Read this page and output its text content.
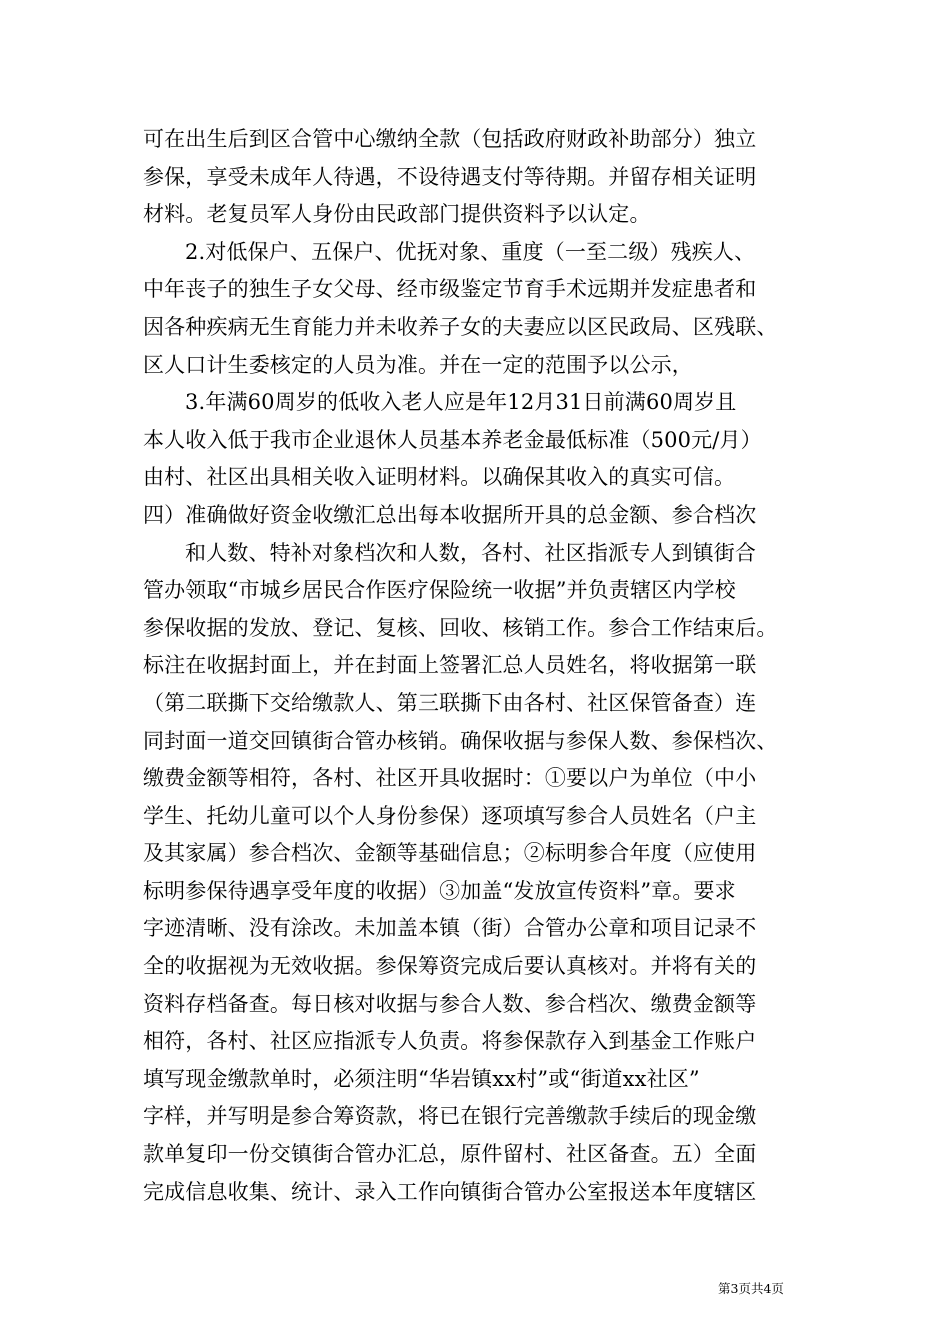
可在出生后到区合管中心缴纳全款（包括政府财政补助部分）独立
参保，享受未成年人待遇，不设待遇支付等待期。并留存相关证明
材料。老复员军人身份由民政部门提供资料予以认定。
2.对低保户、五保户、优抚对象、重度（一至二级）残疾人、
中年丧子的独生子女父母、经市级鉴定节育手术远期并发症患者和
因各种疾病无生育能力并未收养子女的夫妻应以区民政局、区残联、
区人口计生委核定的人员为准。并在一定的范围予以公示，
3.年满60周岁的低收入老人应是年12月31日前满60周岁且
本人收入低于我市企业退休人员基本养老金最低标准（500元/月）
由村、社区出具相关收入证明材料。以确保其收入的真实可信。
四）准确做好资金收缴汇总出每本收据所开具的总金额、参合档次
和人数、特补对象档次和人数，各村、社区指派专人到镇街合
管办领取“市城乡居民合作医疗保险统一收据”并负责辖区内学校
参保收据的发放、登记、复核、回收、核销工作。参合工作结束后。
标注在收据封面上，并在封面上签署汇总人员姓名，将收据第一联
（第二联撕下交给缴款人、第三联撕下由各村、社区保管备查）连
同封面一道交回镇街合管办核销。确保收据与参保人数、参保档次、
缴费金额等相符，各村、社区开具收据时：①要以户为单位（中小
学生、托幼儿童可以个人身份参保）逐项填写参合人员姓名（户主
及其家属）参合档次、金额等基础信息；②标明参合年度（应使用
标明参保待遇享受年度的收据）③加盖“发放宣传资料”章。要求
字迹清晰、没有涂改。未加盖本镇（街）合管办公章和项目记录不
全的收据视为无效收据。参保筹资完成后要认真核对。并将有关的
资料存档备查。每日核对收据与参合人数、参合档次、缴费金额等
相符，各村、社区应指派专人负责。将参保款存入到基金工作账户
填写现金缴款单时，必须注明“华岩镇xx村”或“街道xx社区”
字样，并写明是参合筹资款，将已在银行完善缴款手续后的现金缴
款单复印一份交镇街合管办汇总，原件留村、社区备查。五）全面
完成信息收集、统计、录入工作向镇街合管办公室报送本年度辖区
第3页共4页
